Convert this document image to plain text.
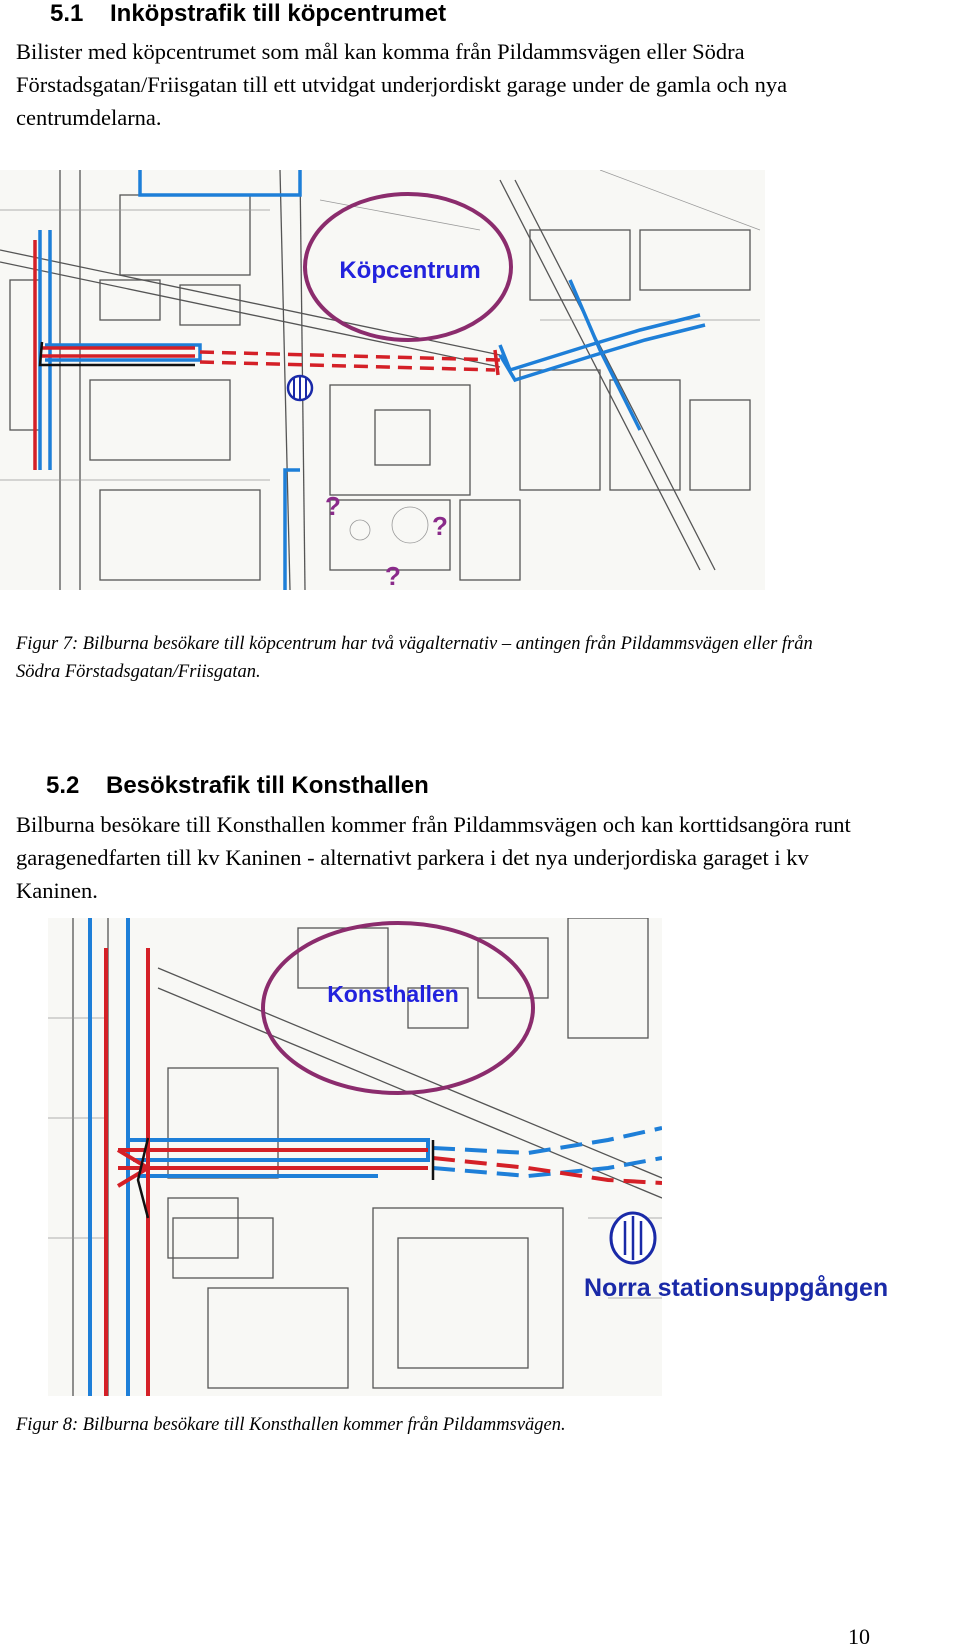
5.1 Inköpstrafik till köpcentrumet
Bilister med köpcentrumet som mål kan komma från Pildammsvägen eller Södra Förstadsgatan/Friisgatan till ett utvidgat underjordiskt garage under de gamla och nya centrumdelarna.
Köpcentrum
?
?
?
Figur 7: Bilburna besökare till köpcentrum har två vägalternativ – antingen från Pildammsvägen eller från Södra Förstadsgatan/Friisgatan.
5.2 Besökstrafik till Konsthallen
Bilburna besökare till Konsthallen kommer från Pildammsvägen och kan korttidsangöra runt garagenedfarten till kv Kaninen - alternativt parkera i det nya underjordiska garaget i kv Kaninen.
Konsthallen
Norra stationsuppgången
Figur 8: Bilburna besökare till Konsthallen kommer från Pildammsvägen.
10
